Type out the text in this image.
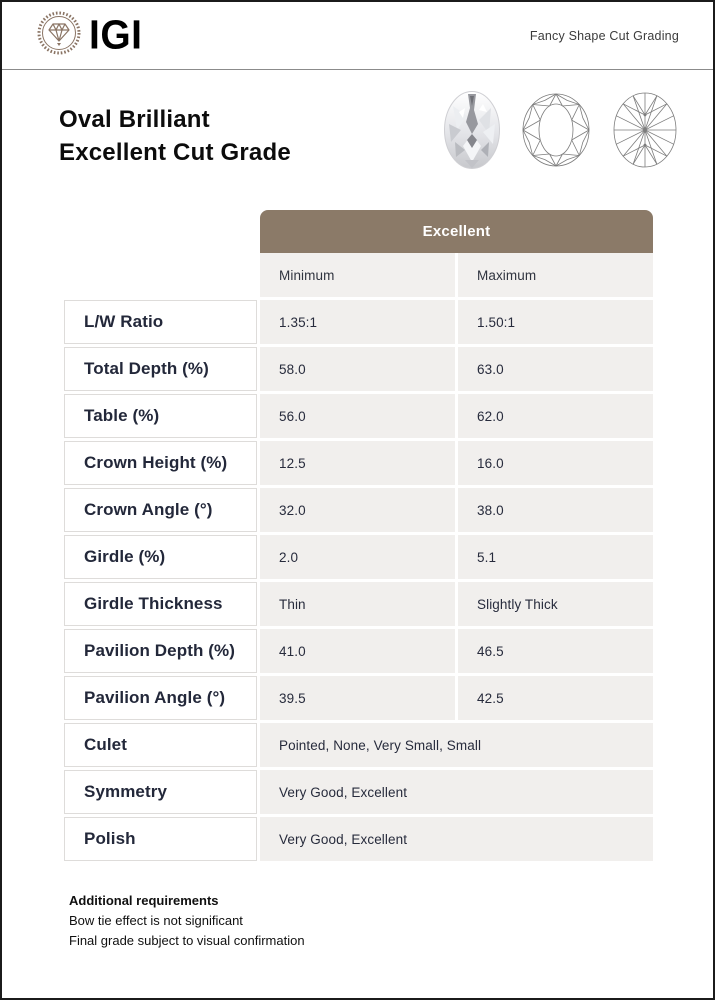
IGI	Fancy Shape Cut Grading
Oval Brilliant
Excellent Cut Grade
Excellent
Minimum	Maximum
L/W Ratio	1.35:1	1.50:1
Total Depth (%)	58.0	63.0
Table (%)	56.0	62.0
Crown Height (%)	12.5	16.0
Crown Angle (°)	32.0	38.0
Girdle (%)	2.0	5.1
Girdle Thickness	Thin	Slightly Thick
Pavilion Depth (%)	41.0	46.5
Pavilion Angle (°)	39.5	42.5
Culet	Pointed, None, Very Small, Small
Symmetry	Very Good, Excellent
Polish	Very Good, Excellent
Additional requirements
Bow tie effect is not significant
Final grade subject to visual confirmation
